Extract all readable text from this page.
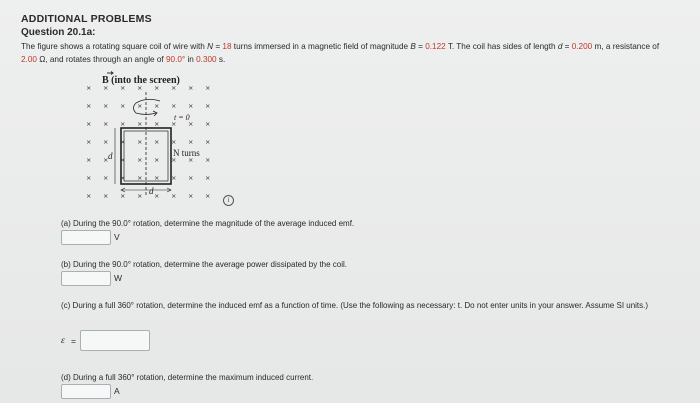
ADDITIONAL PROBLEMS
Question 20.1a:
The figure shows a rotating square coil of wire with N = 18 turns immersed in a magnetic field of magnitude B = 0.122 T. The coil has sides of length d = 0.200 m, a resistance of 2.00 Ω, and rotates through an angle of 90.0° in 0.300 s.
B (into the screen)
× × × × × × × ×
× × × × × × × ×
× × × × × × × ×
× × × × × × × ×
× × × × × × × ×
× × × × × × × ×
× × × × × × × ×
t = 0
N turns
d
d
i
(a) During the 90.0° rotation, determine the magnitude of the average induced emf.
V
(b) During the 90.0° rotation, determine the average power dissipated by the coil.
W
(c) During a full 360° rotation, determine the induced emf as a function of time. (Use the following as necessary: t. Do not enter units in your answer. Assume SI units.)
ε =
(d) During a full 360° rotation, determine the maximum induced current.
A
